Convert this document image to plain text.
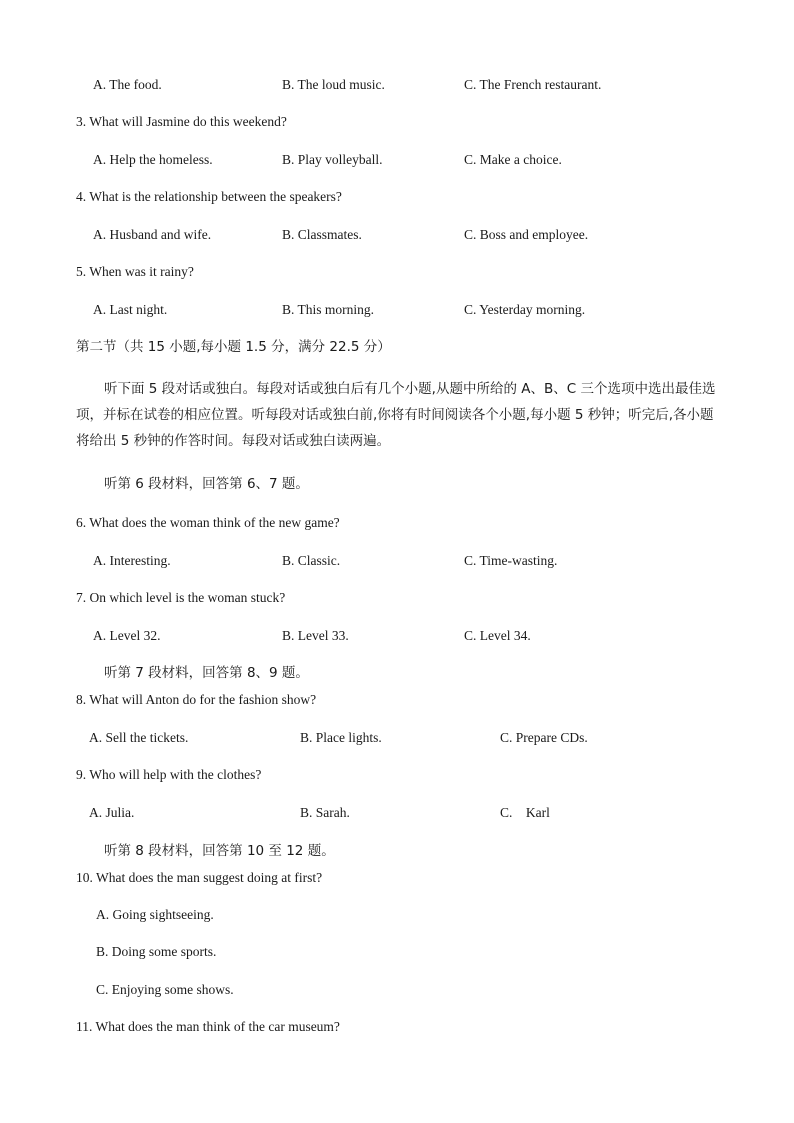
A. The food.	B. The loud music.	C. The French restaurant.
3. What will Jasmine do this weekend?
A. Help the homeless.	B. Play volleyball.	C. Make a choice.
4. What is the relationship between the speakers?
A. Husband and wife.	B. Classmates.	C. Boss and employee.
5. When was it rainy?
A. Last night.	B. This morning.	C. Yesterday morning.
第二节（共 15 小题,每小题 1.5 分，满分 22.5 分）
听下面 5 段对话或独白。每段对话或独白后有几个小题,从题中所给的 A、B、C 三个选项中选出最佳选项，并标在试卷的相应位置。听每段对话或独白前,你将有时间阅读各个小题,每小题 5 秒钟；听完后,各小题将给出 5 秒钟的作答时间。每段对话或独白读两遍。
听第 6 段材料，回答第 6、7 题。
6. What does the woman think of the new game?
A. Interesting.	B. Classic.	C. Time-wasting.
7. On which level is the woman stuck?
A. Level 32.	B. Level 33.	C. Level 34.
听第 7 段材料，回答第 8、9 题。
8. What will Anton do for the fashion show?
A. Sell the tickets.	B. Place lights.	C. Prepare CDs.
9. Who will help with the clothes?
A. Julia.	B. Sarah.	C.    Karl
听第 8 段材料，回答第 10 至 12 题。
10. What does the man suggest doing at first?
A. Going sightseeing.
B. Doing some sports.
C. Enjoying some shows.
11. What does the man think of the car museum?
